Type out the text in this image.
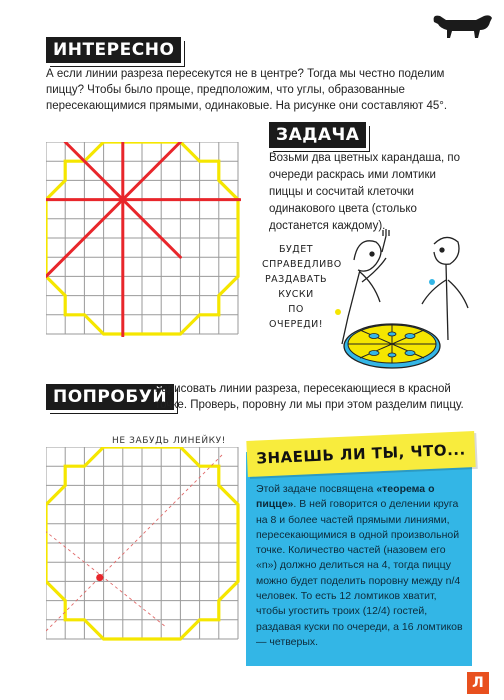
ИНТЕРЕСНО
А если линии разреза пересекутся не в центре? Тогда мы честно поделим пиццу? Чтобы было проще, предположим, что углы, образованные пересекающимися прямыми, одинаковые. На рисунке они составляют 45°.
ЗАДАЧА
Возьми два цветных карандаша, по очереди раскрась ими ломтики пиццы и сосчитай клеточки одинакового цвета (столько достанется каждому).
БУДЕТ
СПРАВЕДЛИВО
РАЗДАВАТЬ
КУСКИ
ПО ОЧЕРЕДИ!
ПОПРОБУЙ
нарисовать линии разреза, пересекающиеся в красной точке. Проверь, поровну ли мы при этом разделим пиццу.
НЕ ЗАБУДЬ ЛИНЕЙКУ!	ЗНАЕШЬ ЛИ ТЫ, ЧТО...
Этой задаче посвящена «теорема о пицце». В ней говорится о делении круга на 8 и более частей прямыми линиями, пересекающимися в одной произвольной точке. Количество частей (назовем его «n») должно делиться на 4, тогда пиццу можно будет поделить поровну между n/4 человек. То есть 12 ломтиков хватит, чтобы угостить троих (12/4) гостей, раздавая куски по очереди, а 16 ломтиков — четверых.
Л
